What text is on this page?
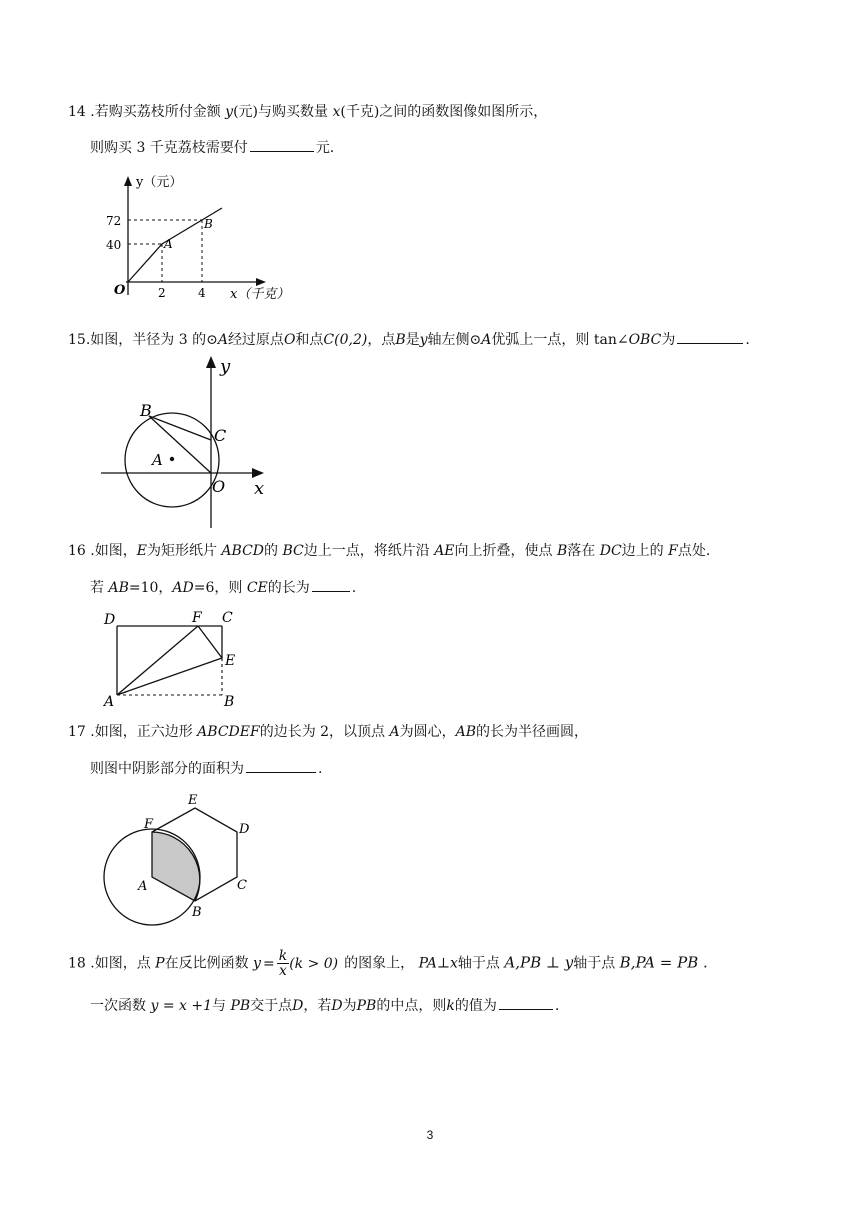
14 .若购买荔枝所付金额 y(元)与购买数量 x(千克)之间的函数图像如图所示，
则购买 3 千克荔枝需要付	元.
y（元）
x（千克）
O
72
40
2	4
A
B
15.如图，半径为 3 的⊙A经过原点O和点C(0,2)，点B是y轴左侧⊙A优弧上一点，则 tan∠OBC为	.
y
x
B
C
A
O
16 .如图，E为矩形纸片 ABCD的 BC边上一点，将纸片沿 AE向上折叠，使点 B落在 DC边上的 F点处.
若 AB=10，AD=6，则 CE的长为	.
D	F C
E
A	B
17 .如图，正六边形 ABCDEF的边长为 2，以顶点 A为圆心，AB的长为半径画圆，
则图中阴影部分的面积为	.
E
F	D
A	C
B
18 .如图，点 P在反比例函数 $y = \frac{k}{x} (k > 0)$ 的图象上， PA⊥x轴于点 A,PB ⊥ y轴于点 B,PA = PB .
一次函数 y = x +1与 PB交于点D，若D为PB的中点，则k的值为	.
3
